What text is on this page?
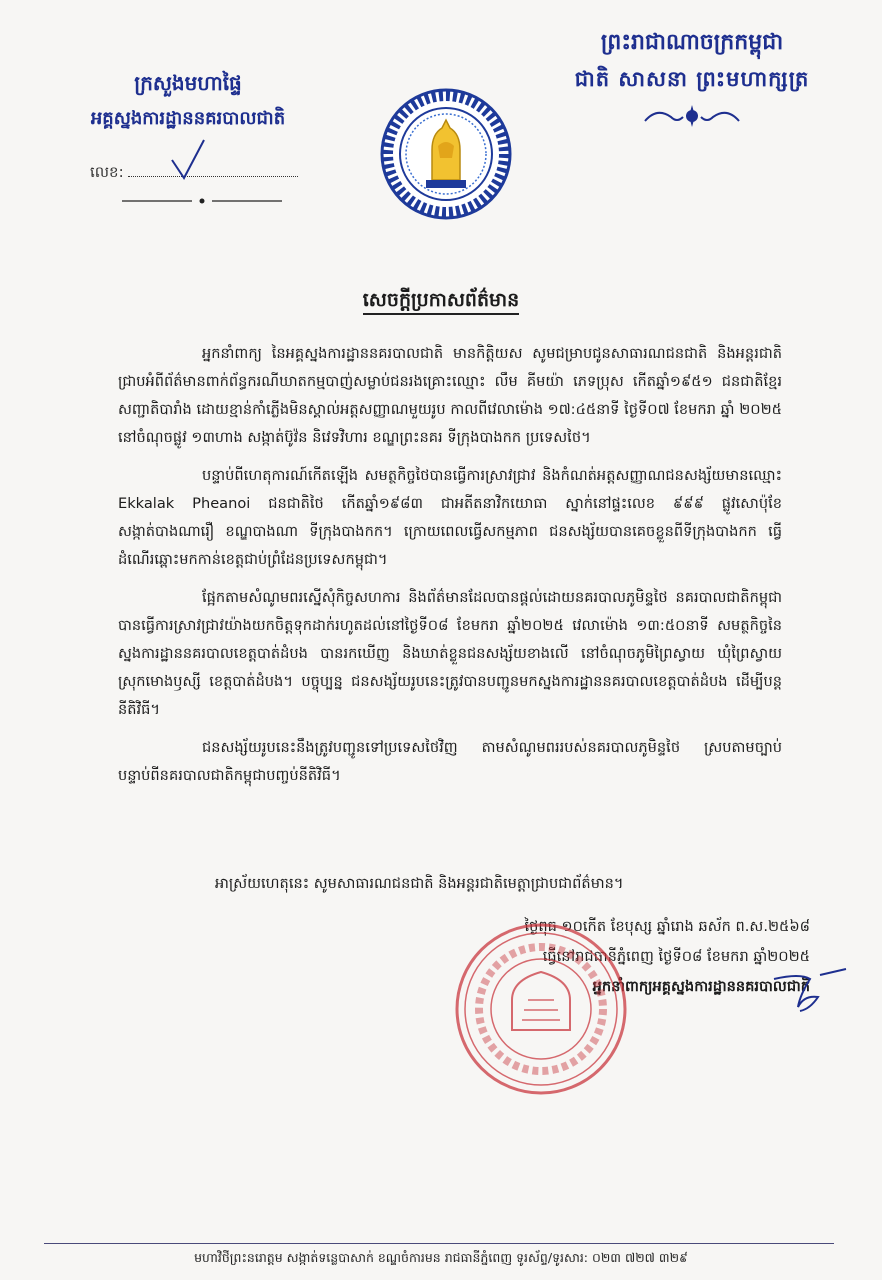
ព្រះរាជាណាចក្រកម្ពុជា
ជាតិ សាសនា ព្រះមហាក្សត្រ
ក្រសួងមហាផ្ទៃ
អគ្គស្នងការដ្ឋាននគរបាលជាតិ
លេខ:
សេចក្តីប្រកាសព័ត៌មាន

អ្នកនាំពាក្យ នៃអគ្គស្នងការដ្ឋាននគរបាលជាតិ មានកិត្តិយស សូមជម្រាបជូនសាធារណជនជាតិ និងអន្តរជាតិជ្រាបអំពីព័ត៌មានពាក់ព័ន្ធករណីឃាតកម្មបាញ់សម្លាប់ជនរងគ្រោះឈ្មោះ លឹម គីមយ៉ា ភេទប្រុស កើតឆ្នាំ១៩៥១ ជនជាតិខ្មែរ សញ្ជាតិបារាំង ដោយខ្មាន់កាំភ្លើងមិនស្គាល់អត្តសញ្ញាណមួយរូប កាលពីវេលាម៉ោង ១៧:៤៥នាទី ថ្ងៃទី០៧ ខែមករា ឆ្នាំ ២០២៥ នៅចំណុចផ្លូវ ១៣ហាង សង្កាត់ប៊ូវ៉ន និវេទវិហារ ខណ្ឌព្រះនគរ ទីក្រុងបាងកក ប្រទេសថៃ។

បន្ទាប់ពីហេតុការណ៍កើតឡើង សមត្ថកិច្ចថៃបានធ្វើការស្រាវជ្រាវ និងកំណត់អត្តសញ្ញាណជនសង្ស័យមានឈ្មោះ Ekkalak Pheanoi ជនជាតិថៃ កើតឆ្នាំ១៩៨៣ ជាអតីតនាវិកយោធា ស្នាក់នៅផ្ទះលេខ ៩៩៩ ផ្លូវសោប៉ុខែ សង្កាត់បាងណារឿ ខណ្ឌបាងណា ទីក្រុងបាងកក។ ក្រោយពេលធ្វើសកម្មភាព ជនសង្ស័យបានគេចខ្លួនពីទីក្រុងបាងកក ធ្វើដំណើរឆ្ពោះមកកាន់ខេត្តជាប់ព្រំដែនប្រទេសកម្ពុជា។

ផ្អែកតាមសំណូមពរស្នើសុំកិច្ចសហការ និងព័ត៌មានដែលបានផ្តល់ដោយនគរបាលភូមិន្ទថៃ នគរបាលជាតិកម្ពុជា បានធ្វើការស្រាវជ្រាវយ៉ាងយកចិត្តទុកដាក់រហូតដល់នៅថ្ងៃទី០៨ ខែមករា ឆ្នាំ២០២៥ វេលាម៉ោង ១៣:៥០នាទី សមត្ថកិច្ចនៃស្នងការដ្ឋាននគរបាលខេត្តបាត់ដំបង បានរកឃើញ និងឃាត់ខ្លួនជនសង្ស័យខាងលើ នៅចំណុចភូមិព្រៃស្វាយ ឃុំព្រៃស្វាយ ស្រុកមោងឫស្សី ខេត្តបាត់ដំបង។ បច្ចុប្បន្ន ជនសង្ស័យរូបនេះត្រូវបានបញ្ជូនមកស្នងការដ្ឋាននគរបាលខេត្តបាត់ដំបង ដើម្បីបន្តនីតិវិធី។

ជនសង្ស័យរូបនេះនឹងត្រូវបញ្ជូនទៅប្រទេសថៃវិញ តាមសំណូមពររបស់នគរបាលភូមិន្ទថៃ ស្របតាមច្បាប់ បន្ទាប់ពីនគរបាលជាតិកម្ពុជាបញ្ចប់នីតិវិធី។

អាស្រ័យហេតុនេះ សូមសាធារណជនជាតិ និងអន្តរជាតិមេត្តាជ្រាបជាព័ត៌មាន។
ថ្ងៃពុធ ១០កើត ខែបុស្ស ឆ្នាំរោង ឆស័ក ព.ស.២៥៦៨
ធ្វើនៅរាជធានីភ្នំពេញ ថ្ងៃទី០៨ ខែមករា ឆ្នាំ២០២៥
អ្នកនាំពាក្យអគ្គស្នងការដ្ឋាននគរបាលជាតិ
មហាវិថីព្រះនរោត្តម សង្កាត់ទន្លេបាសាក់ ខណ្ឌចំការមន រាជធានីភ្នំពេញ ទូរស័ព្ទ/ទូរសារ: ០២៣ ៧២៧ ៣២៩
